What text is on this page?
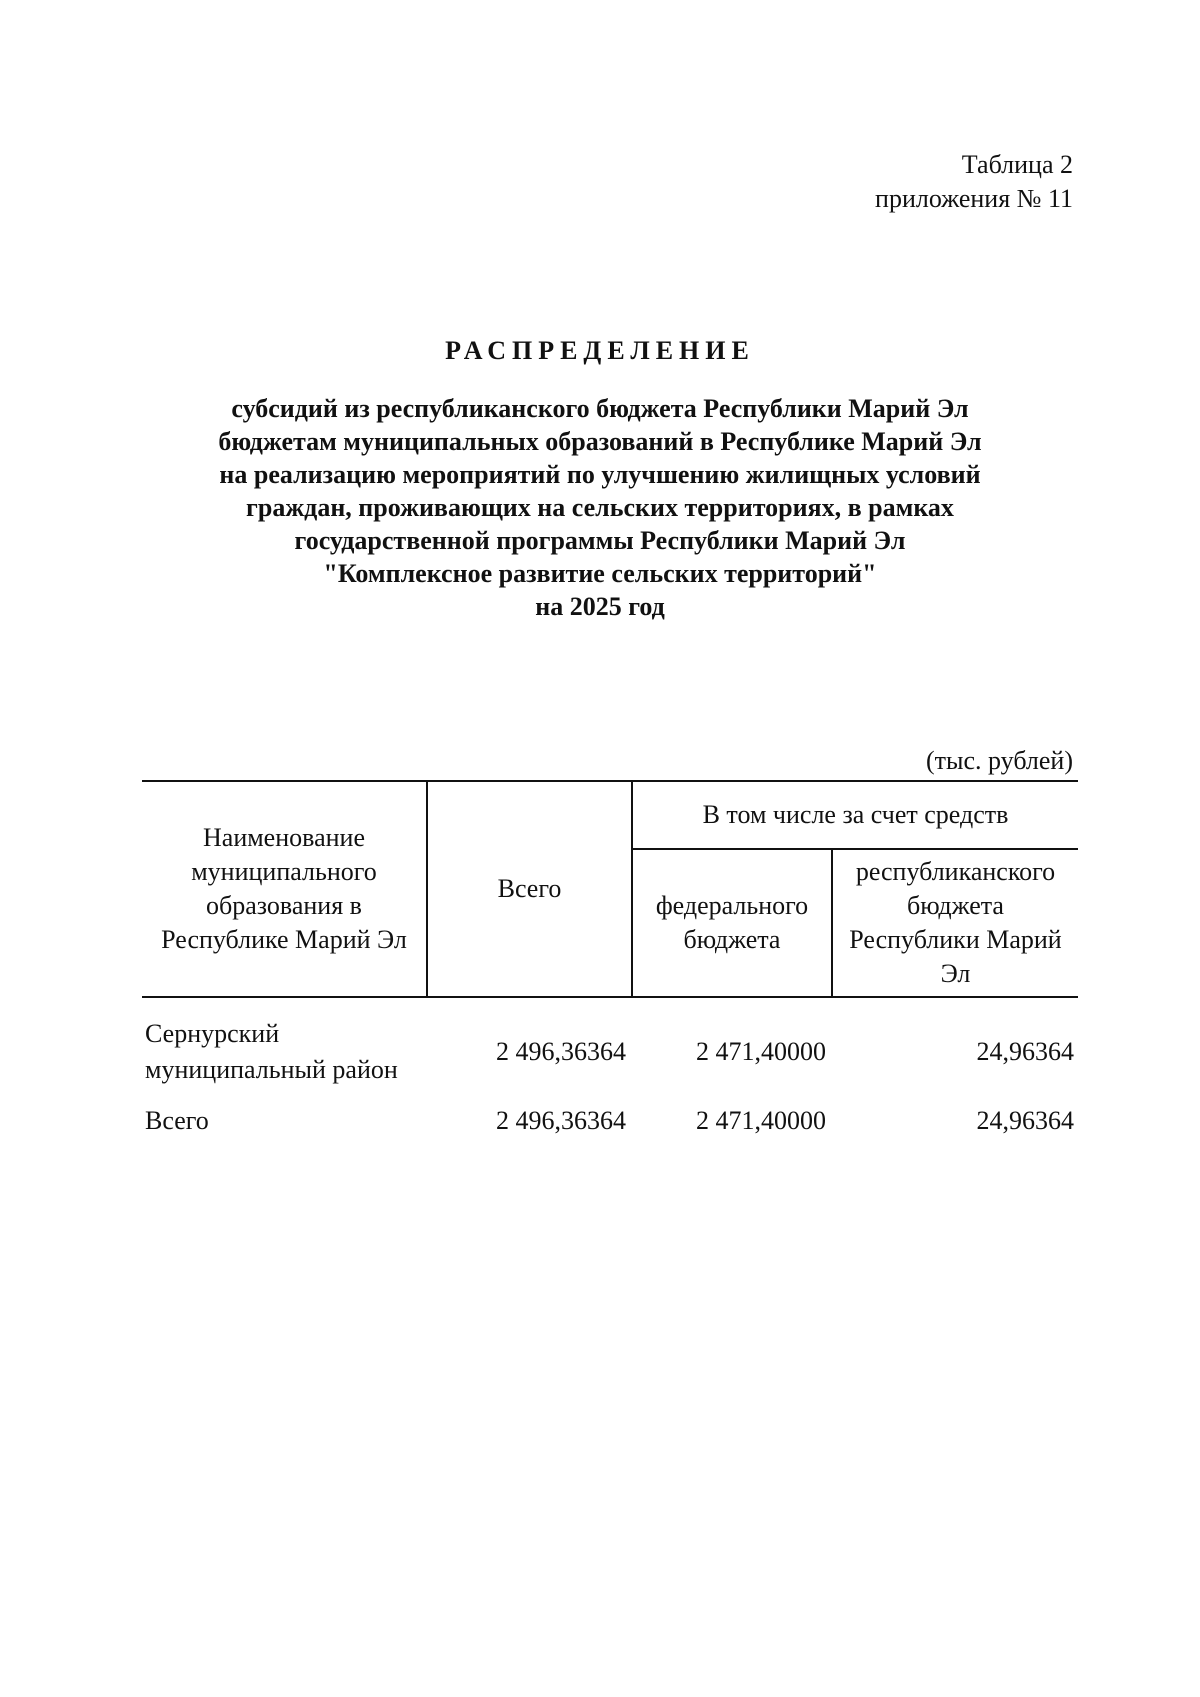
Таблица 2
приложения № 11
РАСПРЕДЕЛЕНИЕ
субсидий из республиканского бюджета Республики Марий Эл
бюджетам муниципальных образований в Республике Марий Эл
на реализацию мероприятий по улучшению жилищных условий
граждан, проживающих на сельских территориях, в рамках
государственной программы Республики Марий Эл
"Комплексное развитие сельских территорий"
на 2025 год
(тыс. рублей)
Наименование муниципального образования в Республике Марий Эл	Всего	В том числе за счет средств	
		федерального бюджета	республиканского бюджета Республики Марий Эл
Сернурский муниципальный район	2 496,36364	2 471,40000	24,96364
Всего	2 496,36364	2 471,40000	24,96364
